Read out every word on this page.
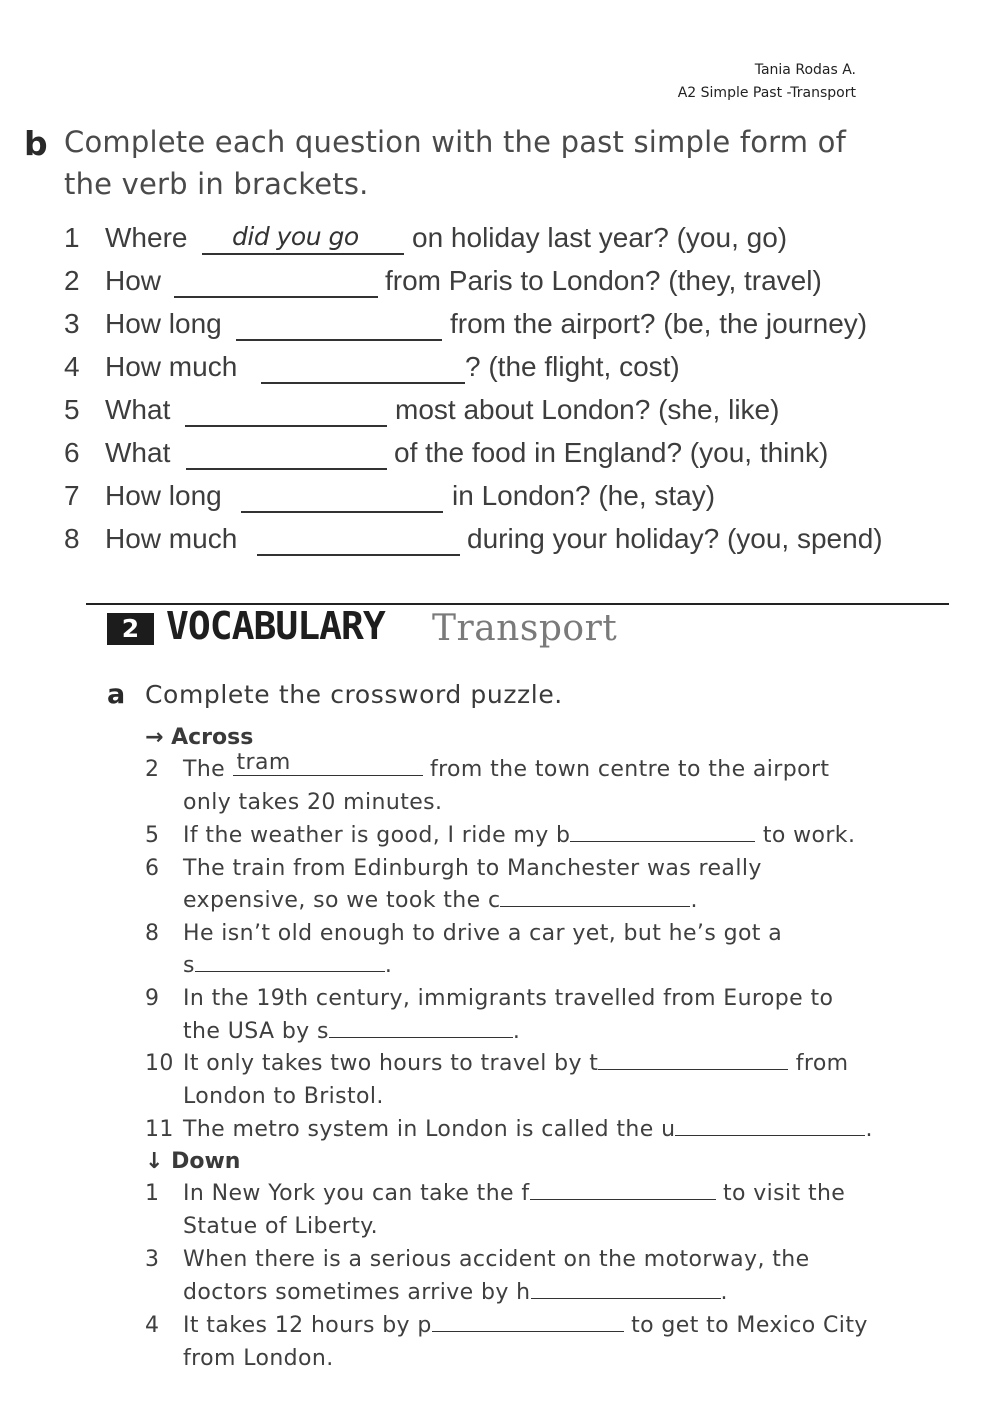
Tania Rodas A.
A2 Simple Past -Transport
b Complete each question with the past simple form of
the verb in brackets.
1 Where did you go on holiday last year? (you, go)
2 How	from Paris to London? (they, travel)
3 How long	from the airport? (be, the journey)
4 How much	? (the flight, cost)
5 What	most about London? (she, like)
6 What	of the food in England? (you, think)
7 How long	in London? (he, stay)
8 How much	during your holiday? (you, spend)
2 VOCABULARY Transport
a Complete the crossword puzzle.
→ Across
2 The tram	from the town centre to the airport
only takes 20 minutes.
5 If the weather is good, I ride my b	to work.
6 The train from Edinburgh to Manchester was really
expensive, so we took the c	.
8 He isn’t old enough to drive a car yet, but he’s got a
s	.
9 In the 19th century, immigrants travelled from Europe to
the USA by s	.
10 It only takes two hours to travel by t	from
London to Bristol.
11 The metro system in London is called the u	.
↓ Down
1 In New York you can take the f	to visit the
Statue of Liberty.
3 When there is a serious accident on the motorway, the
doctors sometimes arrive by h	.
4 It takes 12 hours by p	to get to Mexico City
from London.
